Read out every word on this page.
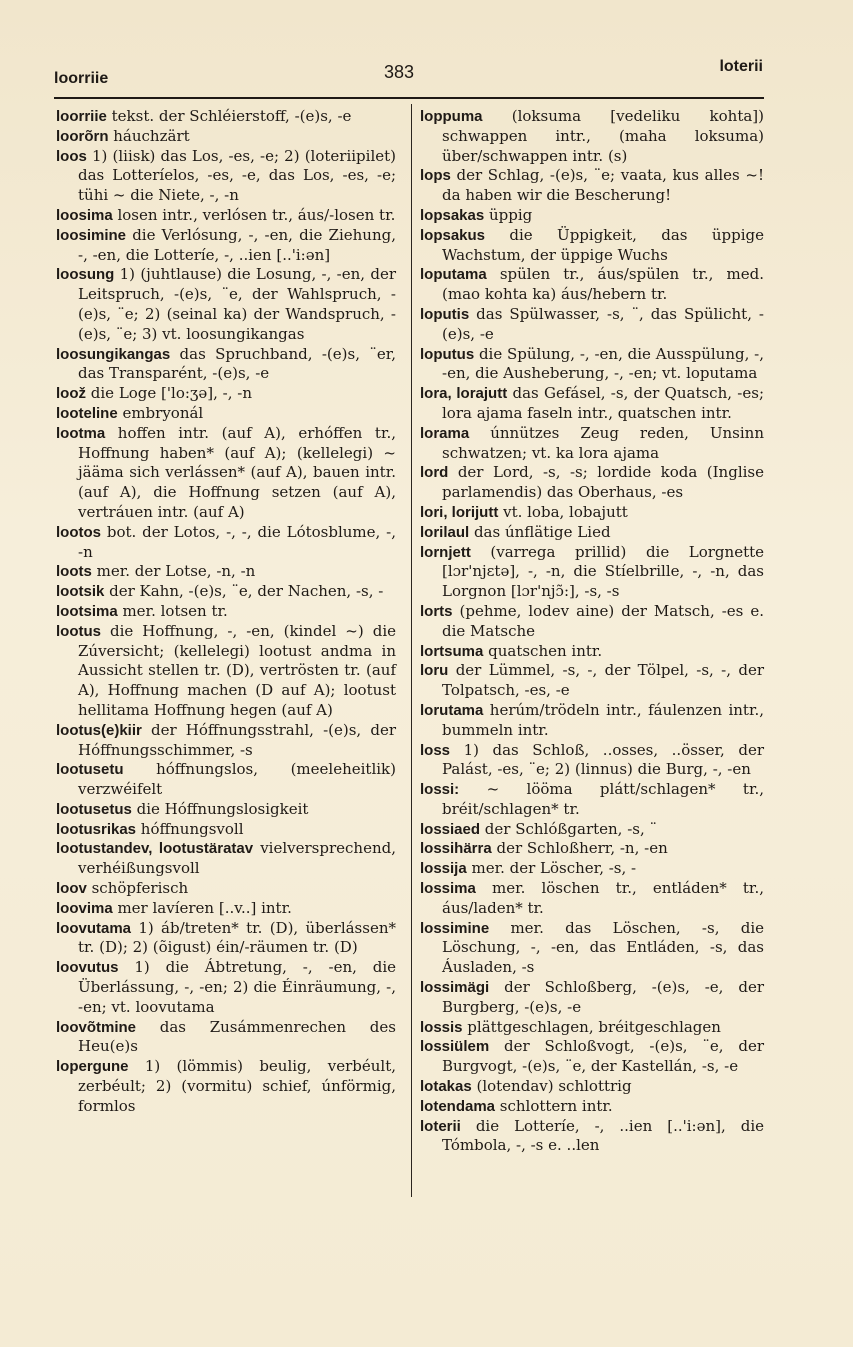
loorriie	383	loterii

loorriie tekst. der Schléierstoff, -(e)s, -e

loorõrn háuchzärt

loos 1) (liisk) das Los, -es, -e; 2) (loteriipilet) das Lotteríelos, -es, -e, das Los, -es, -e; tühi ~ die Niete, -, -n

loosima losen intr., verlósen tr., áus/-losen tr.

loosimine die Verlósung, -, -en, die Ziehung, -, -en, die Lotteríe, -, ..ien [..'i:ən]

loosung 1) (juhtlause) die Losung, -, -en, der Leitspruch, -(e)s, ¨e, der Wahlspruch, -(e)s, ¨e; 2) (seinal ka) der Wandspruch, -(e)s, ¨e; 3) vt. loosungikangas

loosungikangas das Spruchband, -(e)s, ¨er, das Transparént, -(e)s, -e

loož die Loge ['lo:ʒə], -, -n

looteline embryonál

lootma hoffen intr. (auf A), erhóffen tr., Hoffnung haben* (auf A); (kellelegi) ~ jääma sich verlássen* (auf A), bauen intr. (auf A), die Hoffnung setzen (auf A), vertráuen intr. (auf A)

lootos bot. der Lotos, -, -, die Lótosblume, -, -n

loots mer. der Lotse, -n, -n

lootsik der Kahn, -(e)s, ¨e, der Nachen, -s, -

lootsima mer. lotsen tr.

lootus die Hoffnung, -, -en, (kindel ~) die Zúversicht; (kellelegi) lootust andma in Aussicht stellen tr. (D), vertrösten tr. (auf A), Hoffnung machen (D auf A); lootust hellitama Hoffnung hegen (auf A)

lootus(e)kiir der Hóffnungsstrahl, -(e)s, der Hóffnungsschimmer, -s

lootusetu hóffnungslos, (meeleheitlik) verzwéifelt

lootusetus die Hóffnungslosigkeit

lootusrikas hóffnungsvoll

lootustandev, lootustäratav vielversprechend, verhéißungsvoll

loov schöpferisch

loovima mer lavíeren [..v..] intr.

loovutama 1) áb/treten* tr. (D), überlássen* tr. (D); 2) (õigust) éin/-räumen tr. (D)

loovutus 1) die Ábtretung, -, -en, die Überlássung, -, -en; 2) die Éinräumung, -, -en; vt. loovutama

loovõtmine das Zusámmenrechen des Heu(e)s

lopergune 1) (lömmis) beulig, verbéult, zerbéult; 2) (vormitu) schief, únförmig, formlos

loppuma (loksuma [vedeliku kohta]) schwappen intr., (maha loksuma) über/schwappen intr. (s)

lops der Schlag, -(e)s, ¨e; vaata, kus alles ~! da haben wir die Bescherung!

lopsakas üppig

lopsakus die Üppigkeit, das üppige Wachstum, der üppige Wuchs

loputama spülen tr., áus/spülen tr., med. (mao kohta ka) áus/hebern tr.

loputis das Spülwasser, -s, ¨, das Spülicht, -(e)s, -e

loputus die Spülung, -, -en, die Ausspülung, -, -en, die Ausheberung, -, -en; vt. loputama

lora, lorajutt das Gefásel, -s, der Quatsch, -es; lora ajama faseln intr., quatschen intr.

lorama únnützes Zeug reden, Unsinn schwatzen; vt. ka lora ajama

lord der Lord, -s, -s; lordide koda (Inglise parlamendis) das Oberhaus, -es

lori, lorijutt vt. loba, lobajutt

lorilaul das únflätige Lied

lornjett (varrega prillid) die Lorgnette [lɔr'njɛtə], -, -n, die Stíelbrille, -, -n, das Lorgnon [lɔr'njɔ̃:], -s, -s

lorts (pehme, lodev aine) der Matsch, -es e. die Matsche

lortsuma quatschen intr.

loru der Lümmel, -s, -, der Tölpel, -s, -, der Tolpatsch, -es, -e

lorutama herúm/trödeln intr., fáulenzen intr., bummeln intr.

loss 1) das Schloß, ..osses, ..össer, der Palást, -es, ¨e; 2) (linnus) die Burg, -, -en

lossi: ~ lööma plátt/schlagen* tr., bréit/schlagen* tr.

lossiaed der Schlóßgarten, -s, ¨

lossihärra der Schloßherr, -n, -en

lossija mer. der Löscher, -s, -

lossima mer. löschen tr., entláden* tr., áus/laden* tr.

lossimine mer. das Löschen, -s, die Löschung, -, -en, das Entláden, -s, das Áusladen, -s

lossimägi der Schloßberg, -(e)s, -e, der Burgberg, -(e)s, -e

lossis plättgeschlagen, bréitgeschlagen

lossiülem der Schloßvogt, -(e)s, ¨e, der Burgvogt, -(e)s, ¨e, der Kastellán, -s, -e

lotakas (lotendav) schlottrig

lotendama schlottern intr.

loterii die Lotteríe, -, ..ien [..'i:ən], die Tómbola, -, -s e. ..len
